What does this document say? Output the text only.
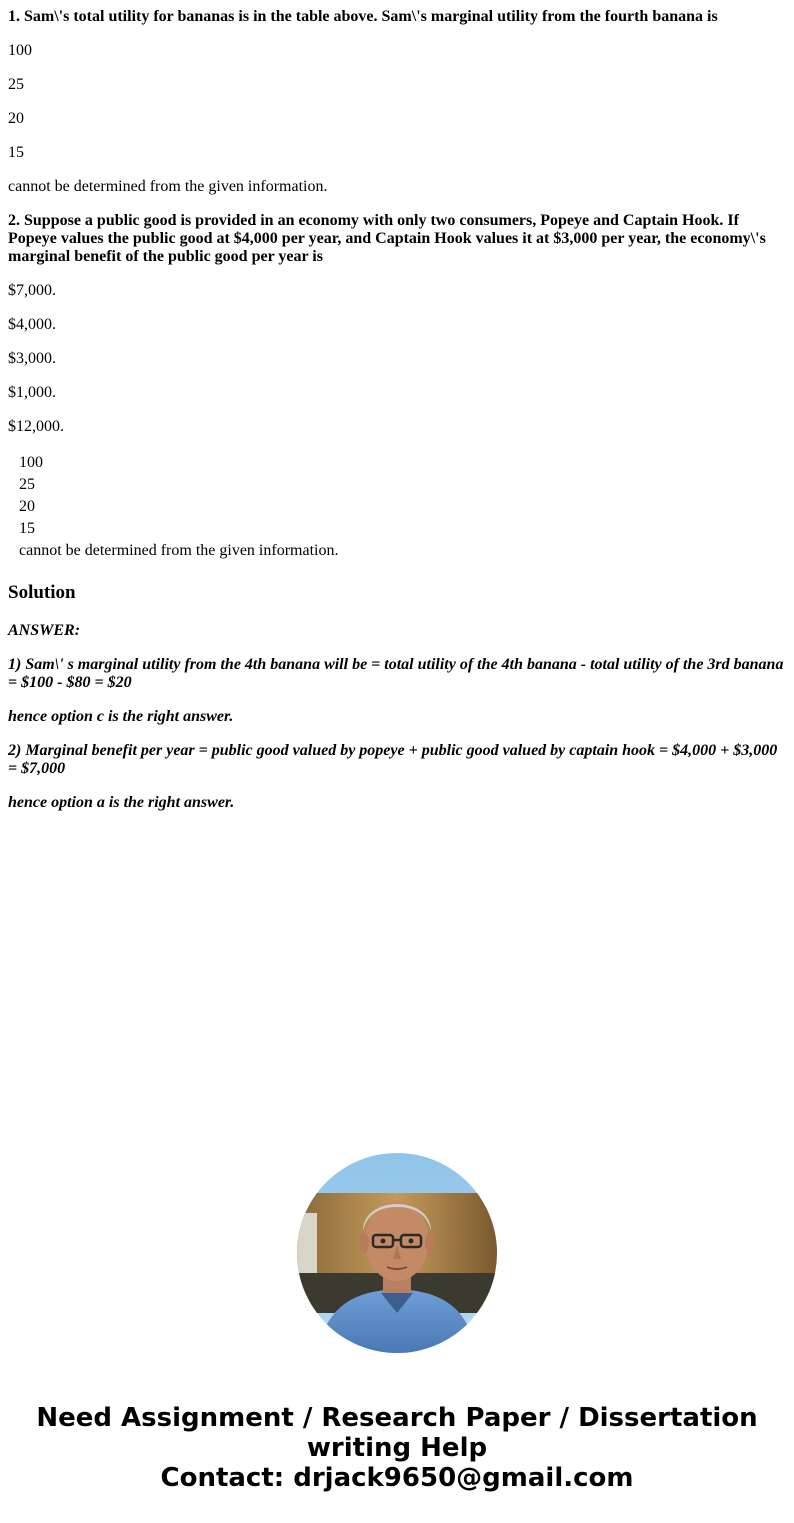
1. Sam\'s total utility for bananas is in the table above. Sam\'s marginal utility from the fourth banana is

100

25

20

15

cannot be determined from the given information.

2. Suppose a public good is provided in an economy with only two consumers, Popeye and Captain Hook. If Popeye values the public good at $4,000 per year, and Captain Hook values it at $3,000 per year, the economy\'s marginal benefit of the public good per year is

$7,000.

$4,000.

$3,000.

$1,000.

$12,000.

100
25
20
15
cannot be determined from the given information.
Solution

ANSWER:

1) Sam\' s marginal utility from the 4th banana will be = total utility of the 4th banana - total utility of the 3rd banana = $100 - $80 = $20

hence option c is the right answer.

2) Marginal benefit per year = public good valued by popeye + public good valued by captain hook = $4,000 + $3,000 = $7,000

hence option a is the right answer.

Need Assignment / Research Paper / Dissertation
writing Help
Contact: drjack9650@gmail.com
